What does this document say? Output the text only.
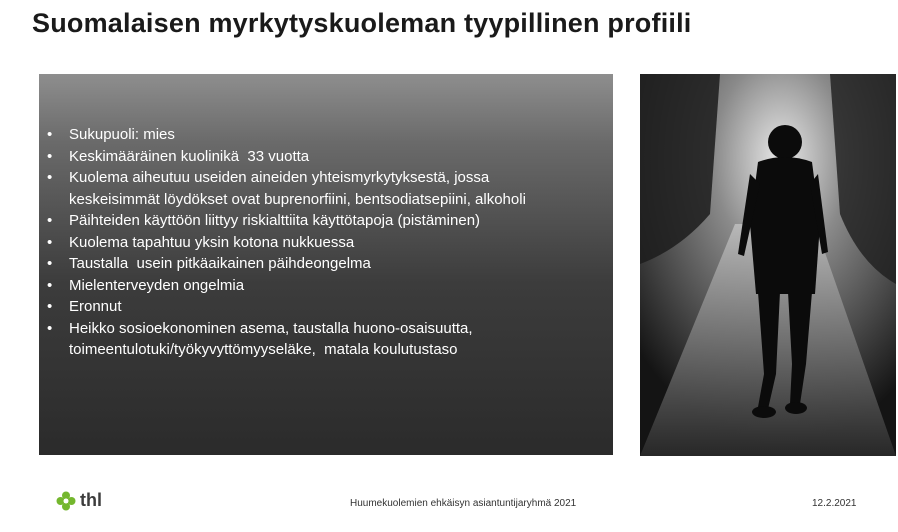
Suomalaisen myrkytyskuoleman tyypillinen profiili
• Sukupuoli: mies
• Keskimääräinen kuolinikä  33 vuotta
• Kuolema aiheutuu useiden aineiden yhteismyrkytyksestä, jossa
keskeisimmät löydökset ovat buprenorfiini, bentsodiatsepiini, alkoholi
• Päihteiden käyttöön liittyy riskialttiita käyttötapoja (pistäminen)
• Kuolema tapahtuu yksin kotona nukkuessa
• Taustalla  usein pitkäaikainen päihdeongelma
• Mielenterveyden ongelmia
• Eronnut
• Heikko sosioekonominen asema, taustalla huono-osaisuutta,
toimeentulotuki/työkyvyttömyyseläke,  matala koulutustaso
thl	Huumekuolemien ehkäisyn asiantuntijaryhmä 2021	12.2.2021
